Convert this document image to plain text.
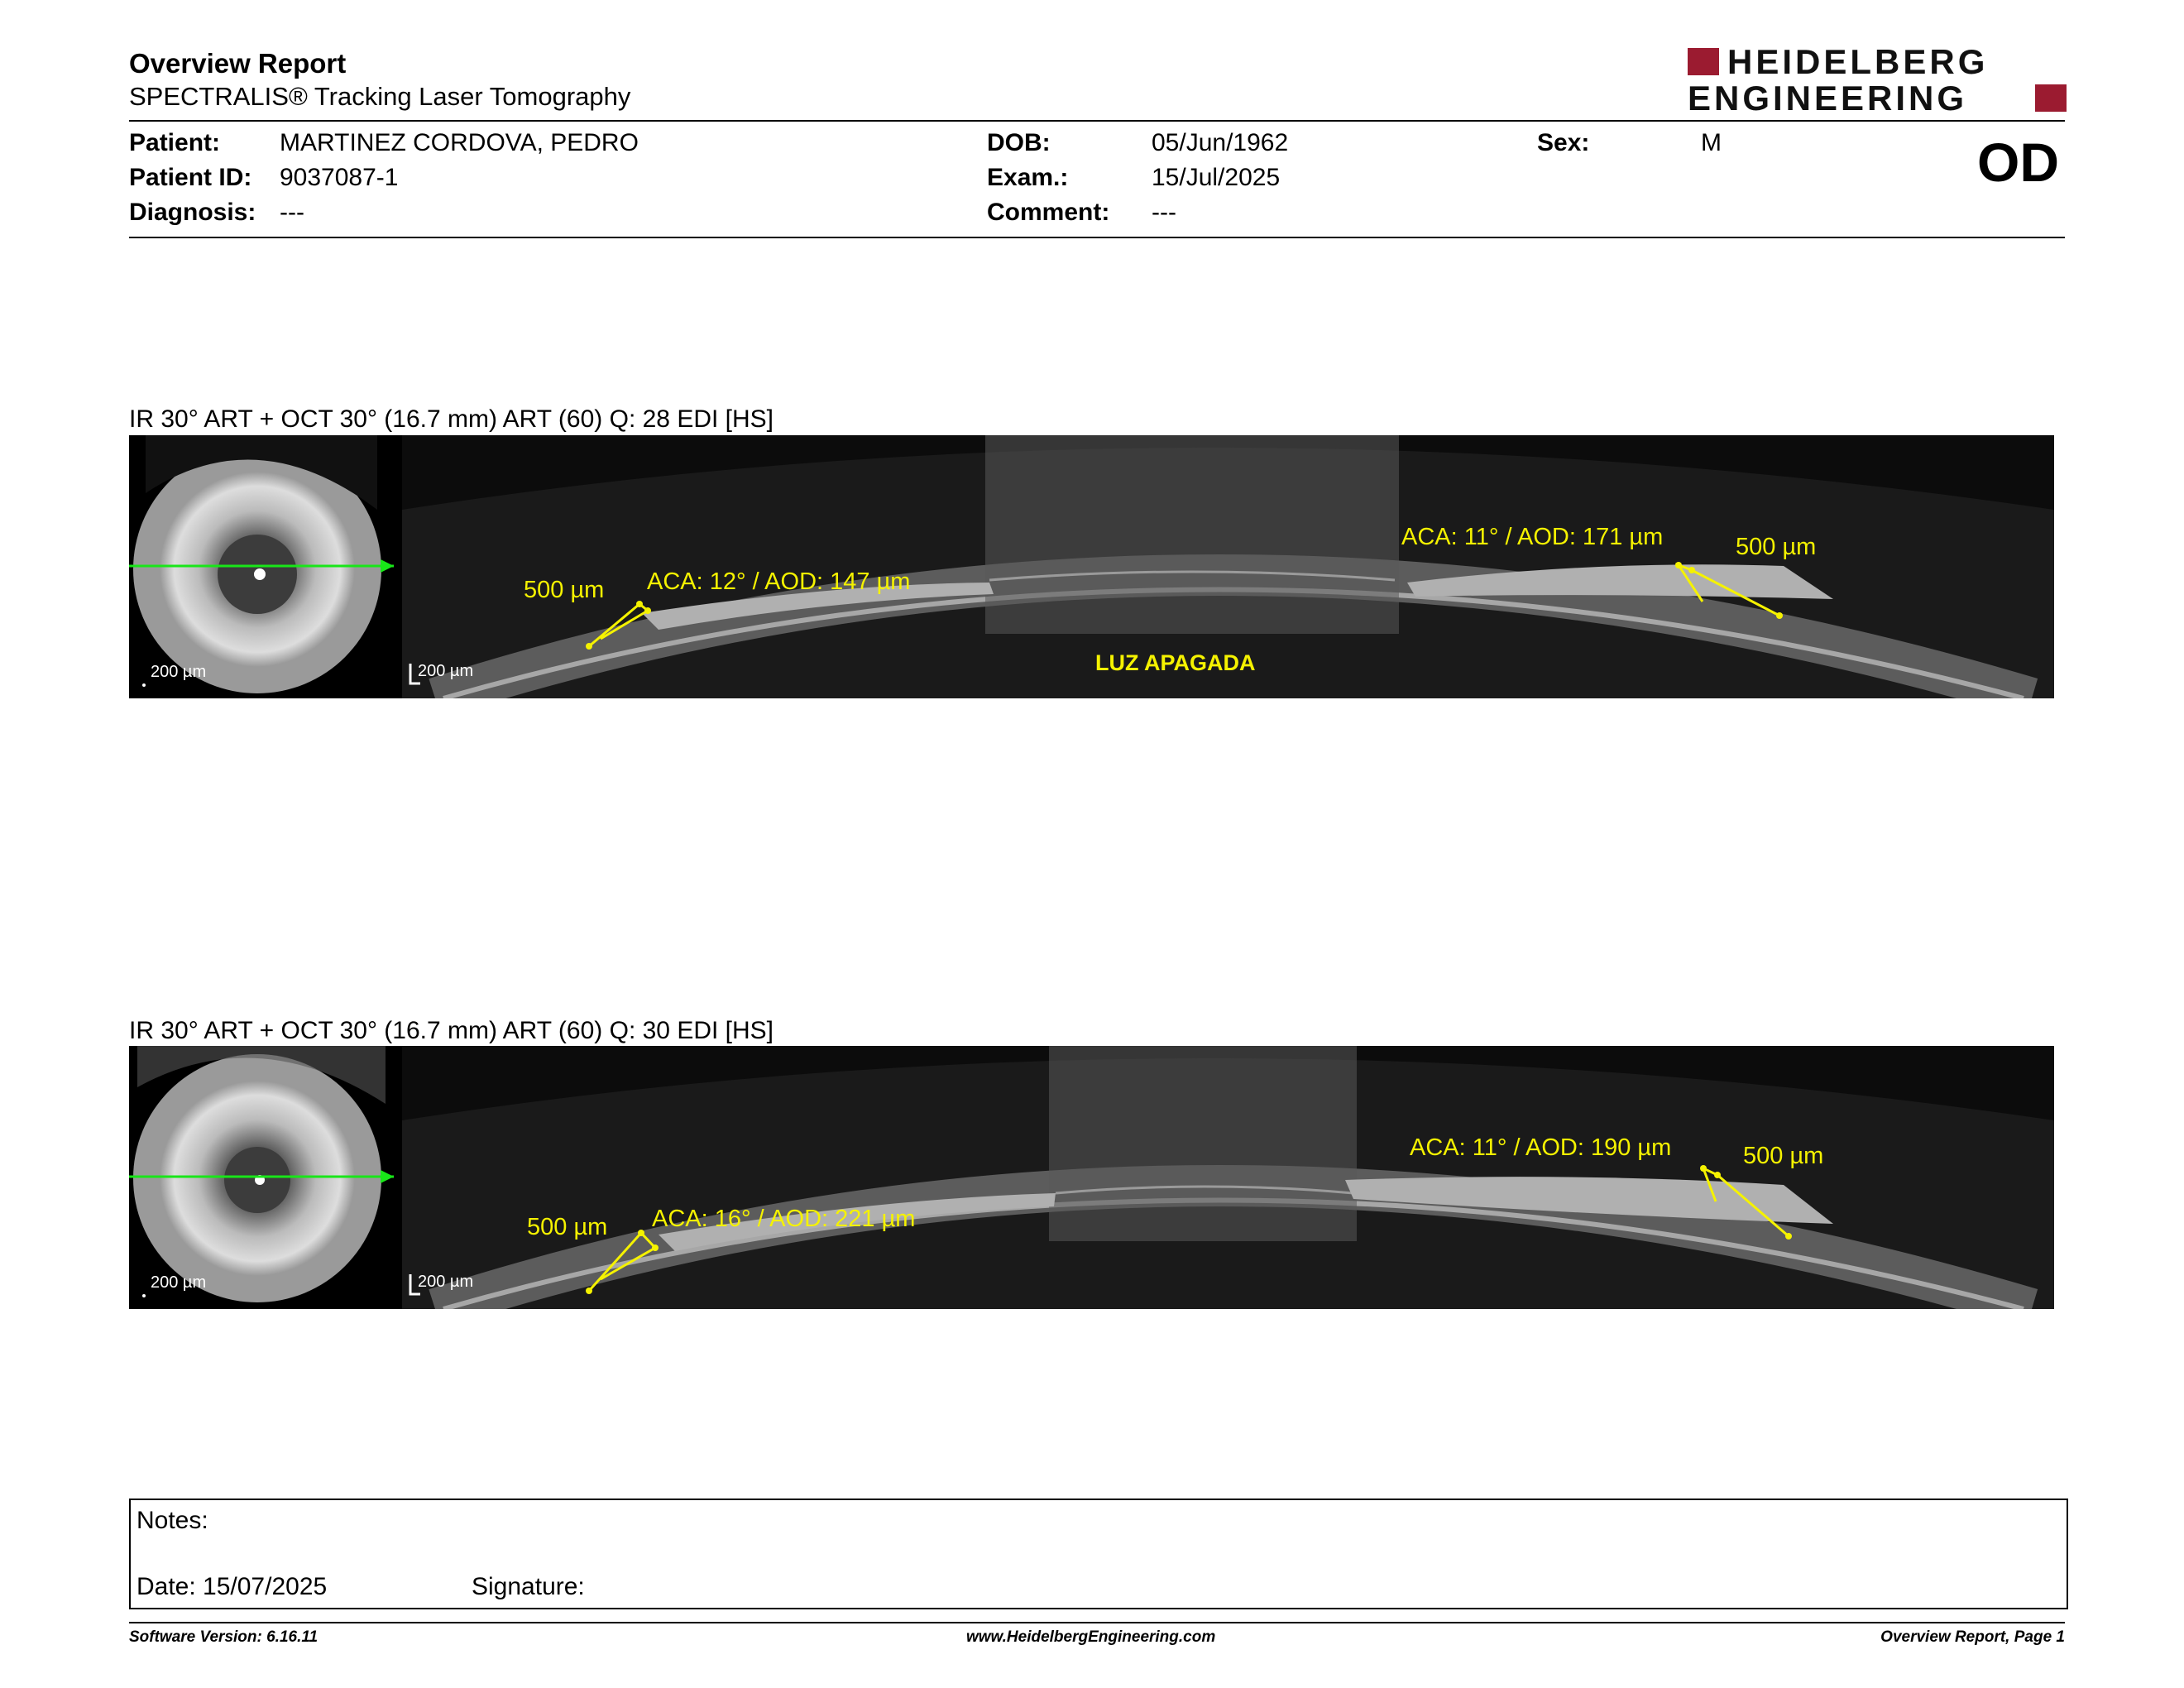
Overview Report
SPECTRALIS® Tracking Laser Tomography
HEIDELBERG
ENGINEERING
Patient: MARTINEZ CORDOVA, PEDRO
Patient ID: 9037087-1
Diagnosis: ---
DOB:	05/Jun/1962
Exam.:	15/Jul/2025
Comment: ---
Sex:	M	OD
IR 30° ART + OCT 30° (16.7 mm) ART (60) Q: 28 EDI [HS]
200 µm
500 µm ACA: 12° / AOD: 147 µm
ACA: 11° / AOD: 171 µm	500 µm
LUZ APAGADA
200 µm
IR 30° ART + OCT 30° (16.7 mm) ART (60) Q: 30 EDI [HS]
200 µm
500 µm ACA: 16° / AOD: 221 µm
ACA: 11° / AOD: 190 µm	500 µm
200 µm
Notes:
Date: 15/07/2025	Signature:
Software Version: 6.16.11	www.HeidelbergEngineering.com	Overview Report, Page 1
